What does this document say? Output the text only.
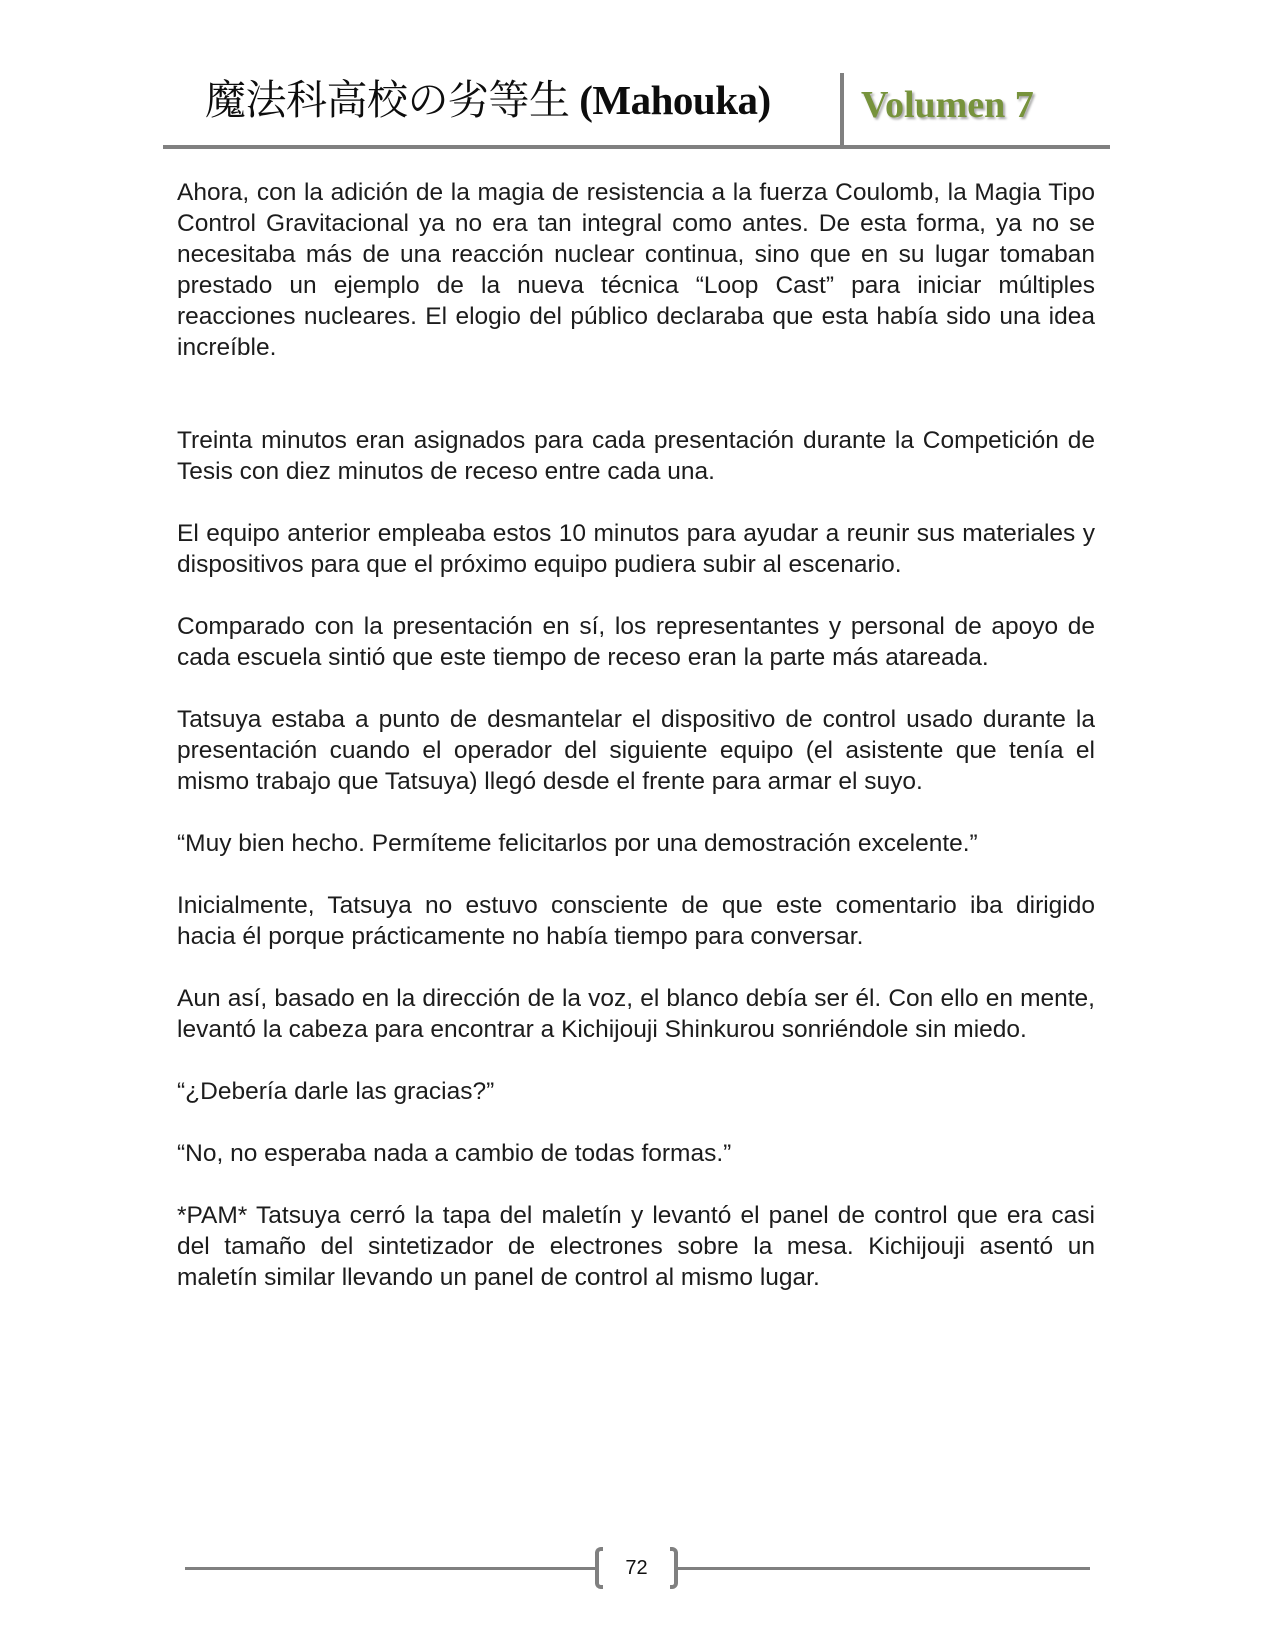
魔法科高校の劣等生 (Mahouka) Volumen 7

Ahora, con la adición de la magia de resistencia a la fuerza Coulomb, la Magia Tipo Control Gravitacional ya no era tan integral como antes. De esta forma, ya no se necesitaba más de una reacción nuclear continua, sino que en su lugar tomaban prestado un ejemplo de la nueva técnica “Loop Cast” para iniciar múltiples reacciones nucleares. El elogio del público declaraba que esta había sido una idea increíble.

Treinta minutos eran asignados para cada presentación durante la Competición de Tesis con diez minutos de receso entre cada una.

El equipo anterior empleaba estos 10 minutos para ayudar a reunir sus materiales y dispositivos para que el próximo equipo pudiera subir al escenario.

Comparado con la presentación en sí, los representantes y personal de apoyo de cada escuela sintió que este tiempo de receso eran la parte más atareada.

Tatsuya estaba a punto de desmantelar el dispositivo de control usado durante la presentación cuando el operador del siguiente equipo (el asistente que tenía el mismo trabajo que Tatsuya) llegó desde el frente para armar el suyo.

“Muy bien hecho. Permíteme felicitarlos por una demostración excelente.”

Inicialmente, Tatsuya no estuvo consciente de que este comentario iba dirigido hacia él porque prácticamente no había tiempo para conversar.

Aun así, basado en la dirección de la voz, el blanco debía ser él. Con ello en mente, levantó la cabeza para encontrar a Kichijouji Shinkurou sonriéndole sin miedo.

“¿Debería darle las gracias?”

“No, no esperaba nada a cambio de todas formas.”

*PAM* Tatsuya cerró la tapa del maletín y levantó el panel de control que era casi del tamaño del sintetizador de electrones sobre la mesa. Kichijouji asentó un maletín similar llevando un panel de control al mismo lugar.

72
